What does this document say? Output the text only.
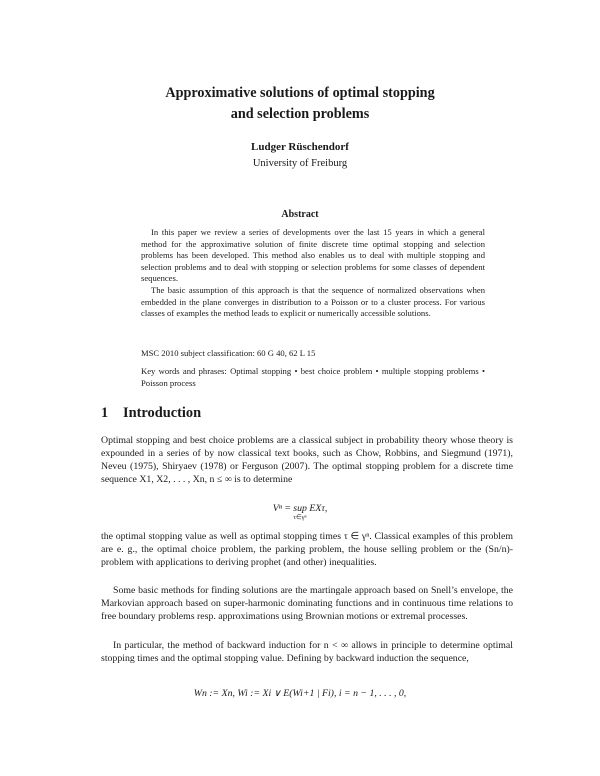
Approximative solutions of optimal stopping
and selection problems
Ludger Rüschendorf
University of Freiburg
Abstract

In this paper we review a series of developments over the last 15 years in which a general method for the approximative solution of finite discrete time optimal stopping and selection problems has been developed. This method also enables us to deal with multiple stopping and selection problems and to deal with stopping or selection problems for some classes of dependent sequences.

The basic assumption of this approach is that the sequence of normalized observations when embedded in the plane converges in distribution to a Poisson or to a cluster process. For various classes of examples the method leads to explicit or numerically accessible solutions.

MSC 2010 subject classification: 60 G 40, 62 L 15
Key words and phrases: Optimal stopping • best choice problem • multiple stopping problems • Poisson process
1 Introduction

Optimal stopping and best choice problems are a classical subject in probability theory whose theory is expounded in a series of by now classical text books, such as Chow, Robbins, and Siegmund (1971), Neveu (1975), Shiryaev (1978) or Ferguson (2007). The optimal stopping problem for a discrete time sequence X1, X2, . . . , Xn, n ≤ ∞ is to determine

Vⁿ = sup EXτ,
τ∈γⁿ

the optimal stopping value as well as optimal stopping times τ ∈ γⁿ. Classical examples of this problem are e. g., the optimal choice problem, the parking problem, the house selling problem or the (Sn/n)-problem with applications to deriving prophet (and other) inequalities.

Some basic methods for finding solutions are the martingale approach based on Snell’s envelope, the Markovian approach based on super-harmonic dominating functions and in continuous time relations to free boundary problems resp. approximations using Brownian motions or extremal processes.

In particular, the method of backward induction for n < ∞ allows in principle to determine optimal stopping times and the optimal stopping value. Defining by backward induction the sequence,

Wn := Xn, Wi := Xi ∨ E(Wi+1 | Fi), i = n − 1, . . . , 0,
